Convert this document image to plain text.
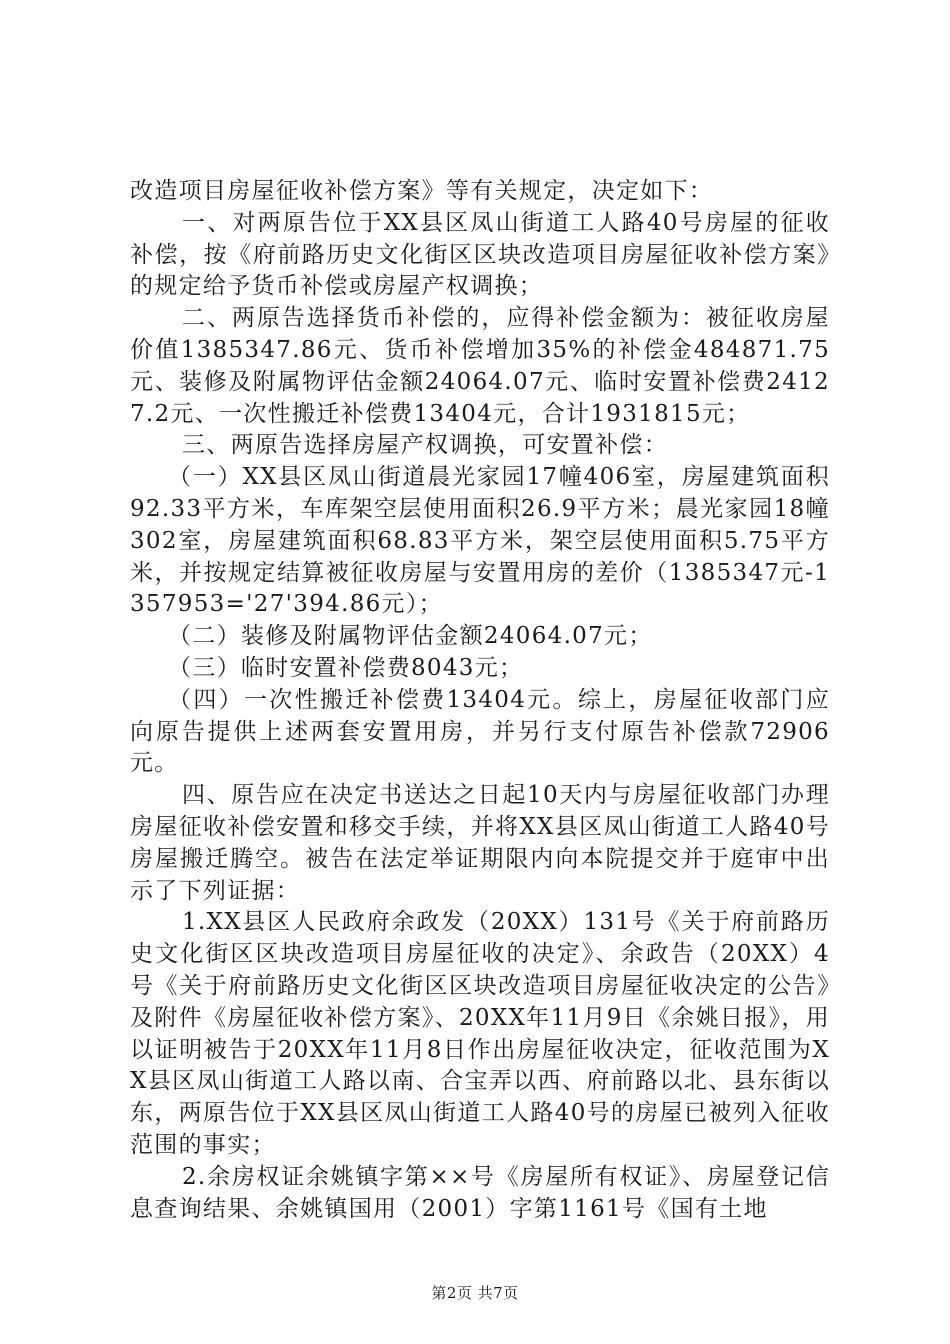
改造项目房屋征收补偿方案》等有关规定，决定如下：

一、对两原告位于XX县区凤山街道工人路40号房屋的征收补偿，按《府前路历史文化街区区块改造项目房屋征收补偿方案》的规定给予货币补偿或房屋产权调换；

二、两原告选择货币补偿的，应得补偿金额为：被征收房屋价值1385347.86元、货币补偿增加35%的补偿金484871.75元、装修及附属物评估金额24064.07元、临时安置补偿费24127.2元、一次性搬迁补偿费13404元，合计1931815元；

三、两原告选择房屋产权调换，可安置补偿：

（一）XX县区凤山街道晨光家园17幢406室，房屋建筑面积92.33平方米，车库架空层使用面积26.9平方米；晨光家园18幢302室，房屋建筑面积68.83平方米，架空层使用面积5.75平方米，并按规定结算被征收房屋与安置用房的差价（1385347元-1357953='27'394.86元）；

（二）装修及附属物评估金额24064.07元；

（三）临时安置补偿费8043元；

（四）一次性搬迁补偿费13404元。综上，房屋征收部门应向原告提供上述两套安置用房，并另行支付原告补偿款72906元。

四、原告应在决定书送达之日起10天内与房屋征收部门办理房屋征收补偿安置和移交手续，并将XX县区凤山街道工人路40号房屋搬迁腾空。被告在法定举证期限内向本院提交并于庭审中出示了下列证据：

1.XX县区人民政府余政发（20XX）131号《关于府前路历史文化街区区块改造项目房屋征收的决定》、余政告（20XX）4号《关于府前路历史文化街区区块改造项目房屋征收决定的公告》及附件《房屋征收补偿方案》、20XX年11月9日《余姚日报》，用以证明被告于20XX年11月8日作出房屋征收决定，征收范围为XX县区凤山街道工人路以南、合宝弄以西、府前路以北、县东街以东，两原告位于XX县区凤山街道工人路40号的房屋已被列入征收范围的事实；

2.余房权证余姚镇字第××号《房屋所有权证》、房屋登记信息查询结果、余姚镇国用（2001）字第1161号《国有土地

第2页 共7页
